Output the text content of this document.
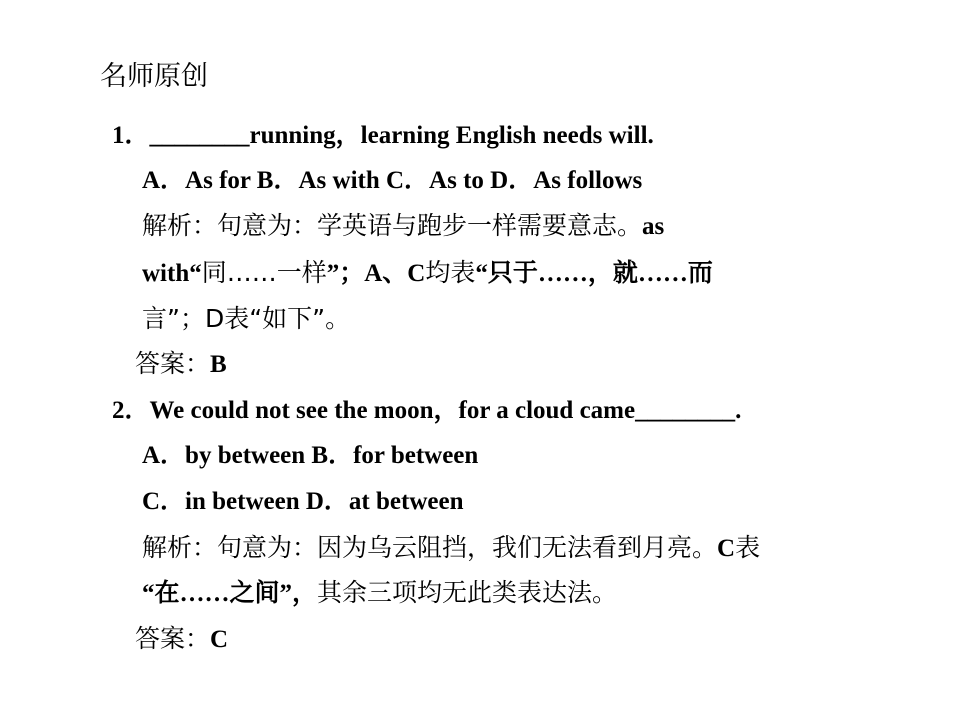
名师原创
1．________running，learning English needs will.
A．As for B．As with C．As to D．As follows
解析：句意为：学英语与跑步一样需要意志。as
with“同……一样”；A、C均表“只于……，就……而
言”；D表“如下”。
答案：B
2．We could not see the moon，for a cloud came________.
A．by between B．for between
C．in between D．at between
解析：句意为：因为乌云阻挡，我们无法看到月亮。C表
“在……之间”，其余三项均无此类表达法。
答案：C
